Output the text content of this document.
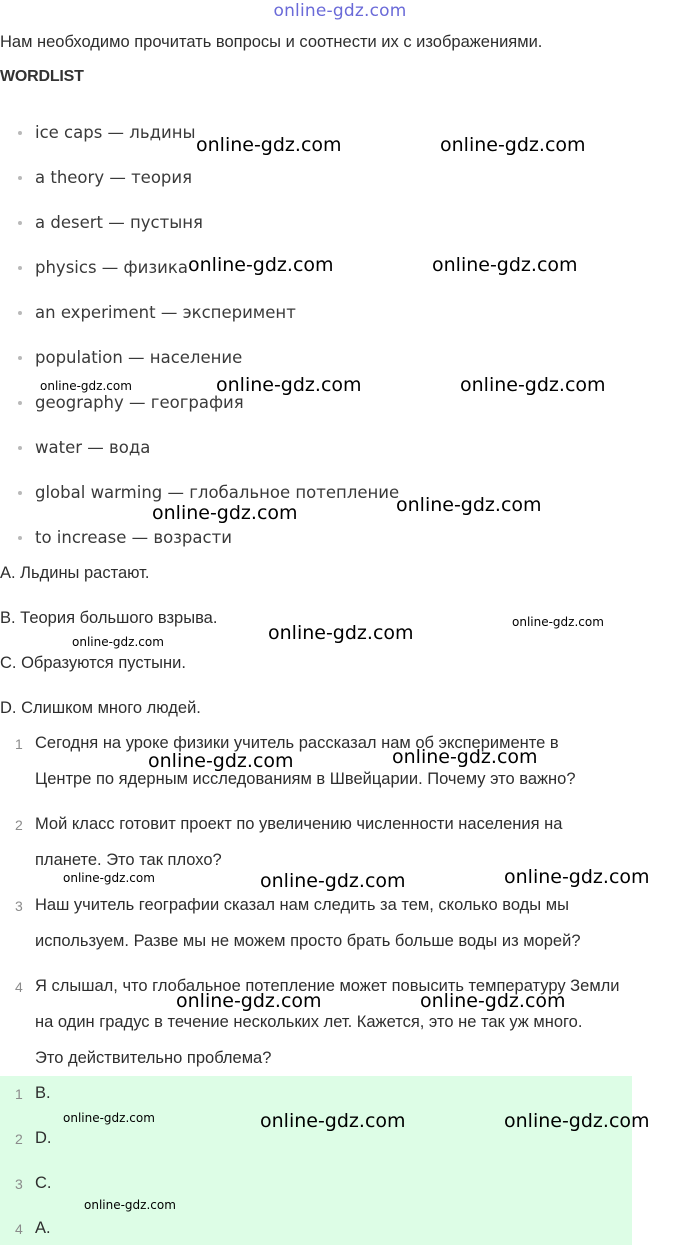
online-gdz.com
Нам необходимо прочитать вопросы и соотнести их с изображениями.
WORDLIST
ice caps — льдины
a theory — теория
a desert — пустыня
physics — физика
an experiment — эксперимент
population — население
geography — география
water — вода
global warming — глобальное потепление
to increase — возрасти
A. Льдины растают.
B. Теория большого взрыва.
C. Образуются пустыни.
D. Слишком много людей.
1 Сегодня на уроке физики учитель рассказал нам об эксперименте в
Центре по ядерным исследованиям в Швейцарии. Почему это важно?
2 Мой класс готовит проект по увеличению численности населения на
планете. Это так плохо?
3 Наш учитель географии сказал нам следить за тем, сколько воды мы
используем. Разве мы не можем просто брать больше воды из морей?
4 Я слышал, что глобальное потепление может повысить температуру Земли
на один градус в течение нескольких лет. Кажется, это не так уж много.
Это действительно проблема?
1 B.
2 D.
3 C.
4 A.
online-gdz.com	online-gdz.com
online-gdz.com	online-gdz.com
online-gdz.com	online-gdz.com	online-gdz.com
online-gdz.com
online-gdz.com
online-gdz.com
online-gdz.com
online-gdz.com
online-gdz.com
online-gdz.com
online-gdz.com
online-gdz.com	online-gdz.com
online-gdz.com	online-gdz.com
online-gdz.com	online-gdz.com	online-gdz.com
online-gdz.com
